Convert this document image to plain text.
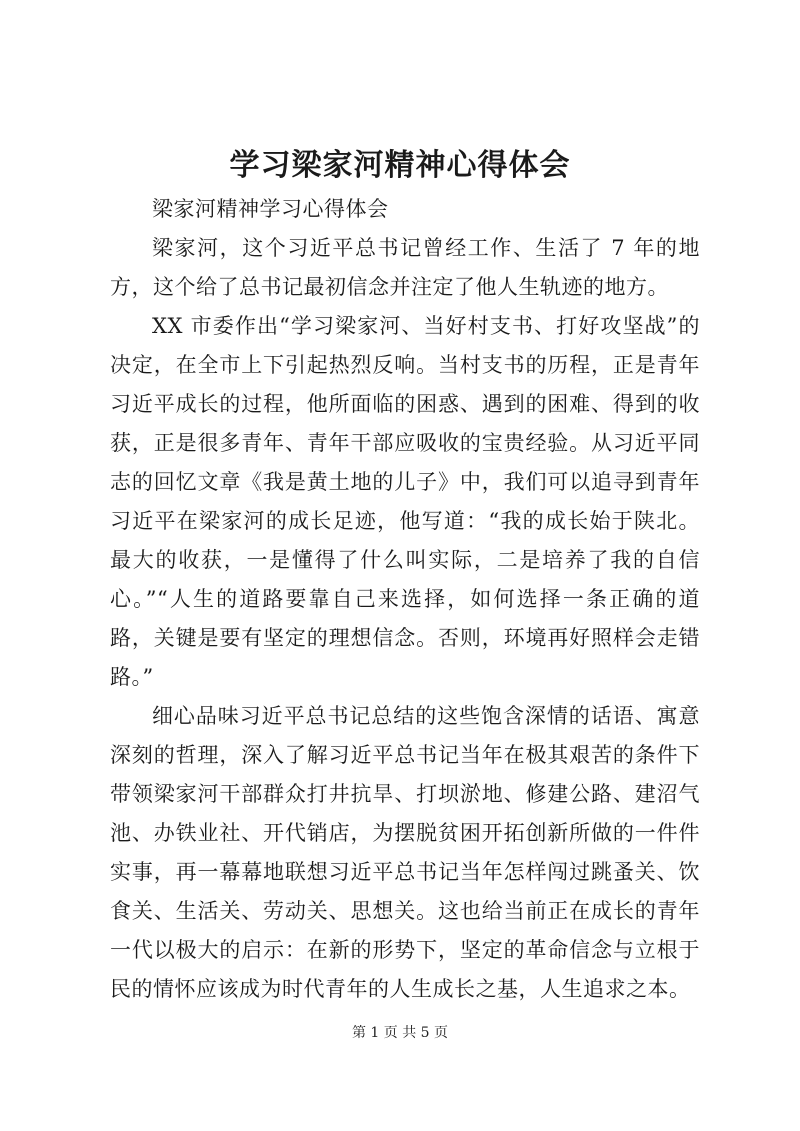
学习梁家河精神心得体会

梁家河精神学习心得体会

梁家河，这个习近平总书记曾经工作、生活了 7 年的地方，这个给了总书记最初信念并注定了他人生轨迹的地方。

XX 市委作出“学习梁家河、当好村支书、打好攻坚战”的决定，在全市上下引起热烈反响。当村支书的历程，正是青年习近平成长的过程，他所面临的困惑、遇到的困难、得到的收获，正是很多青年、青年干部应吸收的宝贵经验。从习近平同志的回忆文章《我是黄土地的儿子》中，我们可以追寻到青年习近平在梁家河的成长足迹，他写道：“我的成长始于陕北。最大的收获，一是懂得了什么叫实际，二是培养了我的自信心。”“人生的道路要靠自己来选择，如何选择一条正确的道路，关键是要有坚定的理想信念。否则，环境再好照样会走错路。”

细心品味习近平总书记总结的这些饱含深情的话语、寓意深刻的哲理，深入了解习近平总书记当年在极其艰苦的条件下带领梁家河干部群众打井抗旱、打坝淤地、修建公路、建沼气池、办铁业社、开代销店，为摆脱贫困开拓创新所做的一件件实事，再一幕幕地联想习近平总书记当年怎样闯过跳蚤关、饮食关、生活关、劳动关、思想关。这也给当前正在成长的青年一代以极大的启示：在新的形势下，坚定的革命信念与立根于民的情怀应该成为时代青年的人生成长之基，人生追求之本。

第 1 页 共 5 页
